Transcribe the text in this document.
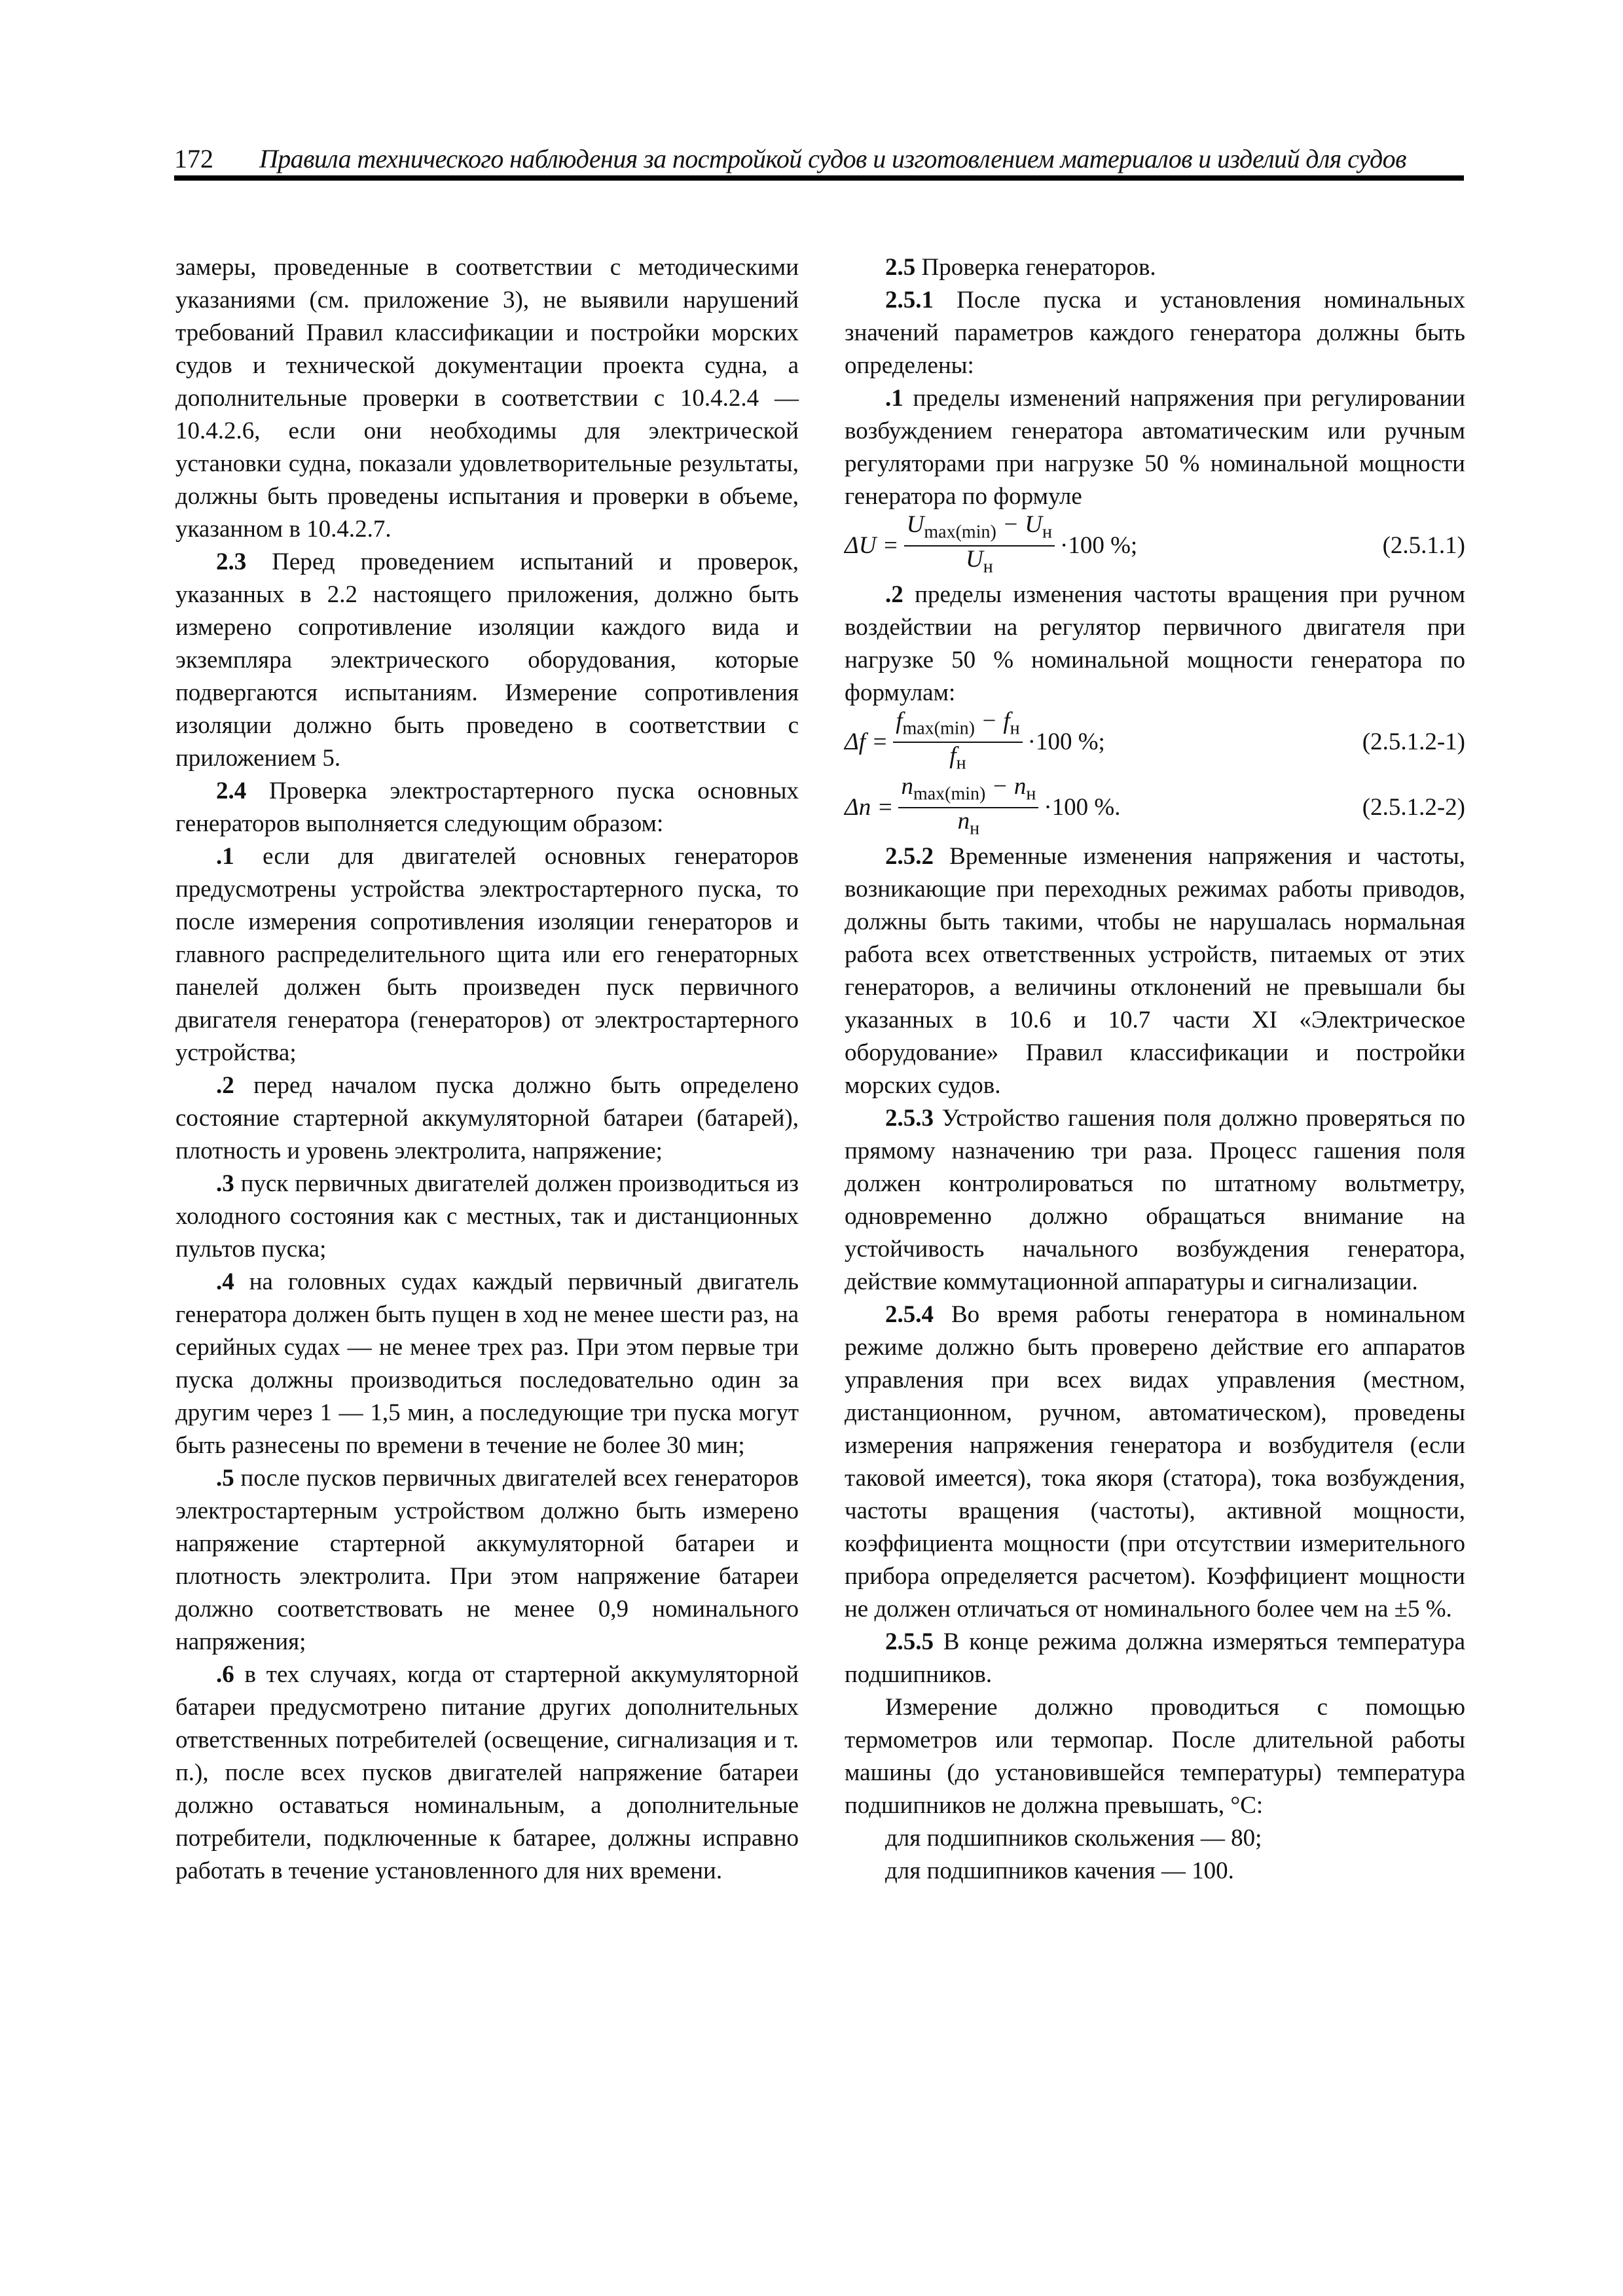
172 Правила технического наблюдения за постройкой судов и изготовлением материалов и изделий для судов

замеры, проведенные в соответствии с методическими указаниями (см. приложение 3), не выявили нарушений требований Правил классификации и постройки морских судов и технической документации проекта судна, а дополнительные проверки в соответствии с 10.4.2.4 — 10.4.2.6, если они необходимы для электрической установки судна, показали удовлетворительные результаты, должны быть проведены испытания и проверки в объеме, указанном в 10.4.2.7.

2.3 Перед проведением испытаний и проверок, указанных в 2.2 настоящего приложения, должно быть измерено сопротивление изоляции каждого вида и экземпляра электрического оборудования, которые подвергаются испытаниям. Измерение сопротивления изоляции должно быть проведено в соответствии с приложением 5.

2.4 Проверка электростартерного пуска основных генераторов выполняется следующим образом:

.1 если для двигателей основных генераторов предусмотрены устройства электростартерного пуска, то после измерения сопротивления изоляции генераторов и главного распределительного щита или его генераторных панелей должен быть произведен пуск первичного двигателя генератора (генераторов) от электростартерного устройства;

.2 перед началом пуска должно быть определено состояние стартерной аккумуляторной батареи (батарей), плотность и уровень электролита, напряжение;

.3 пуск первичных двигателей должен производиться из холодного состояния как с местных, так и дистанционных пультов пуска;

.4 на головных судах каждый первичный двигатель генератора должен быть пущен в ход не менее шести раз, на серийных судах — не менее трех раз. При этом первые три пуска должны производиться последовательно один за другим через 1 — 1,5 мин, а последующие три пуска могут быть разнесены по времени в течение не более 30 мин;

.5 после пусков первичных двигателей всех генераторов электростартерным устройством должно быть измерено напряжение стартерной аккумуляторной батареи и плотность электролита. При этом напряжение батареи должно соответствовать не менее 0,9 номинального напряжения;

.6 в тех случаях, когда от стартерной аккумуляторной батареи предусмотрено питание других дополнительных ответственных потребителей (освещение, сигнализация и т. п.), после всех пусков двигателей напряжение батареи должно оставаться номинальным, а дополнительные потребители, подключенные к батарее, должны исправно работать в течение установленного для них времени.

2.5 Проверка генераторов.

2.5.1 После пуска и установления номинальных значений параметров каждого генератора должны быть определены:

.1 пределы изменений напряжения при регулировании возбуждением генератора автоматическим или ручным регуляторами при нагрузке 50 % номинальной мощности генератора по формуле

$\Delta U = \frac{U_{max(min)} - U_н}{U_н} \cdot 100$ %;	(2.5.1.1)

.2 пределы изменения частоты вращения при ручном воздействии на регулятор первичного двигателя при нагрузке 50 % номинальной мощности генератора по формулам:

$\Delta f = \frac{f_{max(min)} - f_н}{f_н} \cdot 100$ %;	(2.5.1.2-1)
$\Delta n = \frac{n_{max(min)} - n_н}{n_н} \cdot 100$ %.	(2.5.1.2-2)

2.5.2 Временные изменения напряжения и частоты, возникающие при переходных режимах работы приводов, должны быть такими, чтобы не нарушалась нормальная работа всех ответственных устройств, питаемых от этих генераторов, а величины отклонений не превышали бы указанных в 10.6 и 10.7 части XI «Электрическое оборудование» Правил классификации и постройки морских судов.

2.5.3 Устройство гашения поля должно проверяться по прямому назначению три раза. Процесс гашения поля должен контролироваться по штатному вольтметру, одновременно должно обращаться внимание на устойчивость начального возбуждения генератора, действие коммутационной аппаратуры и сигнализации.

2.5.4 Во время работы генератора в номинальном режиме должно быть проверено действие его аппаратов управления при всех видах управления (местном, дистанционном, ручном, автоматическом), проведены измерения напряжения генератора и возбудителя (если таковой имеется), тока якоря (статора), тока возбуждения, частоты вращения (частоты), активной мощности, коэффициента мощности (при отсутствии измерительного прибора определяется расчетом). Коэффициент мощности не должен отличаться от номинального более чем на ±5 %.

2.5.5 В конце режима должна измеряться температура подшипников.

Измерение должно проводиться с помощью термометров или термопар. После длительной работы машины (до установившейся температуры) температура подшипников не должна превышать, °С:

для подшипников скольжения — 80;

для подшипников качения — 100.
